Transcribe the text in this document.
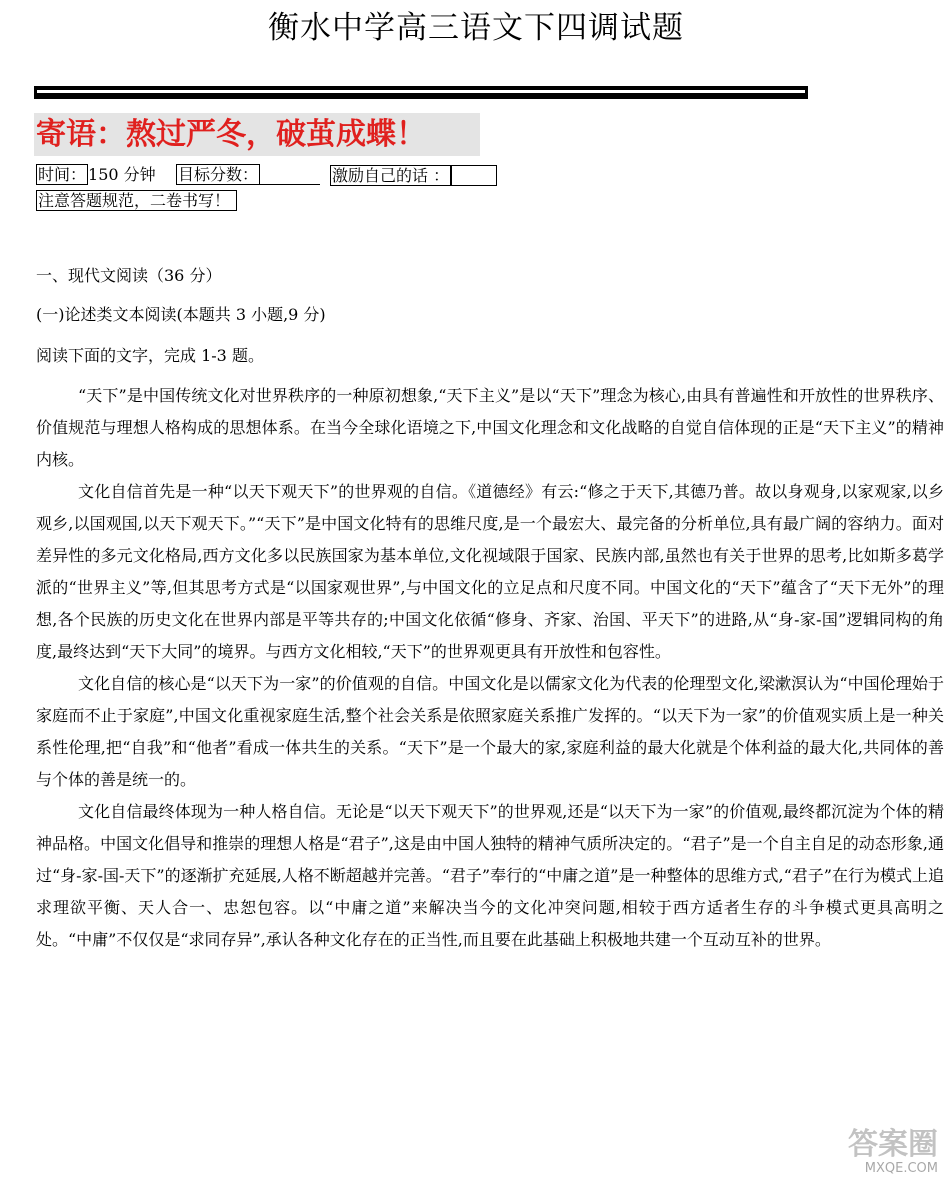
衡水中学高三语文下四调试题
寄语：熬过严冬，破茧成蝶！
时间： 150 分钟 目标分数：	激励自己的话 ：
注意答题规范，二卷书写！
一、现代文阅读（36 分）
(一)论述类文本阅读(本题共 3 小题,9 分)
阅读下面的文字，完成 1-3 题。

“天下”是中国传统文化对世界秩序的一种原初想象,“天下主义”是以“天下”理念为核心,由具有普遍性和开放性的世界秩序、价值规范与理想人格构成的思想体系。在当今全球化语境之下,中国文化理念和文化战略的自觉自信体现的正是“天下主义”的精神内核。

文化自信首先是一种“以天下观天下”的世界观的自信。《道德经》有云:“修之于天下,其德乃普。故以身观身,以家观家,以乡观乡,以国观国,以天下观天下。”“天下”是中国文化特有的思维尺度,是一个最宏大、最完备的分析单位,具有最广阔的容纳力。面对差异性的多元文化格局,西方文化多以民族国家为基本单位,文化视域限于国家、民族内部,虽然也有关于世界的思考,比如斯多葛学派的“世界主义”等,但其思考方式是“以国家观世界”,与中国文化的立足点和尺度不同。中国文化的“天下”蕴含了“天下无外”的理想,各个民族的历史文化在世界内部是平等共存的;中国文化依循“修身、齐家、治国、平天下”的进路,从“身-家-国”逻辑同构的角度,最终达到“天下大同”的境界。与西方文化相较,“天下”的世界观更具有开放性和包容性。

文化自信的核心是“以天下为一家”的价值观的自信。中国文化是以儒家文化为代表的伦理型文化,梁漱溟认为“中国伦理始于家庭而不止于家庭”,中国文化重视家庭生活,整个社会关系是依照家庭关系推广发挥的。“以天下为一家”的价值观实质上是一种关系性伦理,把“自我”和“他者”看成一体共生的关系。“天下”是一个最大的家,家庭利益的最大化就是个体利益的最大化,共同体的善与个体的善是统一的。

文化自信最终体现为一种人格自信。无论是“以天下观天下”的世界观,还是“以天下为一家”的价值观,最终都沉淀为个体的精神品格。中国文化倡导和推崇的理想人格是“君子”,这是由中国人独特的精神气质所决定的。“君子”是一个自主自足的动态形象,通过“身-家-国-天下”的逐渐扩充延展,人格不断超越并完善。“君子”奉行的“中庸之道”是一种整体的思维方式,“君子”在行为模式上追求理欲平衡、天人合一、忠恕包容。以“中庸之道”来解决当今的文化冲突问题,相较于西方适者生存的斗争模式更具高明之处。“中庸”不仅仅是“求同存异”,承认各种文化存在的正当性,而且要在此基础上积极地共建一个互动互补的世界。

答案圈
MXQE.COM
